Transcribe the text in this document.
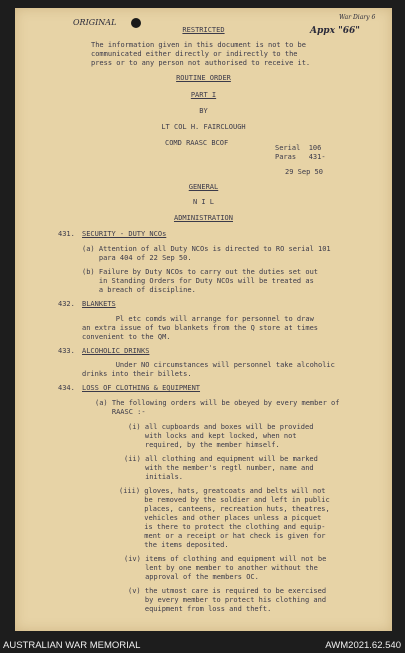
ORIGINAL
War Diary 6
Appx "66"
RESTRICTED
The information given in this document is not to be
communicated either directly or indirectly to the
press or to any person not authorised to receive it.
ROUTINE ORDER
PART I
BY
LT COL H. FAIRCLOUGH
COMD RAASC BCOF
Serial  106
Paras   431-
29 Sep 50
GENERAL
N I L
ADMINISTRATION
431. SECURITY - DUTY NCOs
(a) Attention of all Duty NCOs is directed to RO serial 101
para 404 of 22 Sep 50.
(b) Failure by Duty NCOs to carry out the duties set out
in Standing Orders for Duty NCOs will be treated as
a breach of discipline.
432. BLANKETS
Pl etc comds will arrange for personnel to draw
an extra issue of two blankets from the Q store at times
convenient to the QM.
433. ALCOHOLIC DRINKS
Under NO circumstances will personnel take alcoholic
drinks into their billets.
434. LOSS OF CLOTHING & EQUIPMENT
(a) The following orders will be obeyed by every member of
RAASC :-
(i) all cupboards and boxes will be provided
with locks and kept locked, when not
required, by the member himself.
(ii) all clothing and equipment will be marked
with the member's regtl number, name and
initials.
(iii) gloves, hats, greatcoats and belts will not
be removed by the soldier and left in public
places, canteens, recreation huts, theatres,
vehicles and other places unless a picquet
is there to protect the clothing and equip-
ment or a receipt or hat check is given for
the items deposited.
(iv) items of clothing and equipment will not be
lent by one member to another without the
approval of the members OC.
(v) the utmost care is required to be exercised
by every member to protect his clothing and
equipment from loss and theft.
AUSTRALIAN WAR MEMORIAL	AWM2021.62.540
